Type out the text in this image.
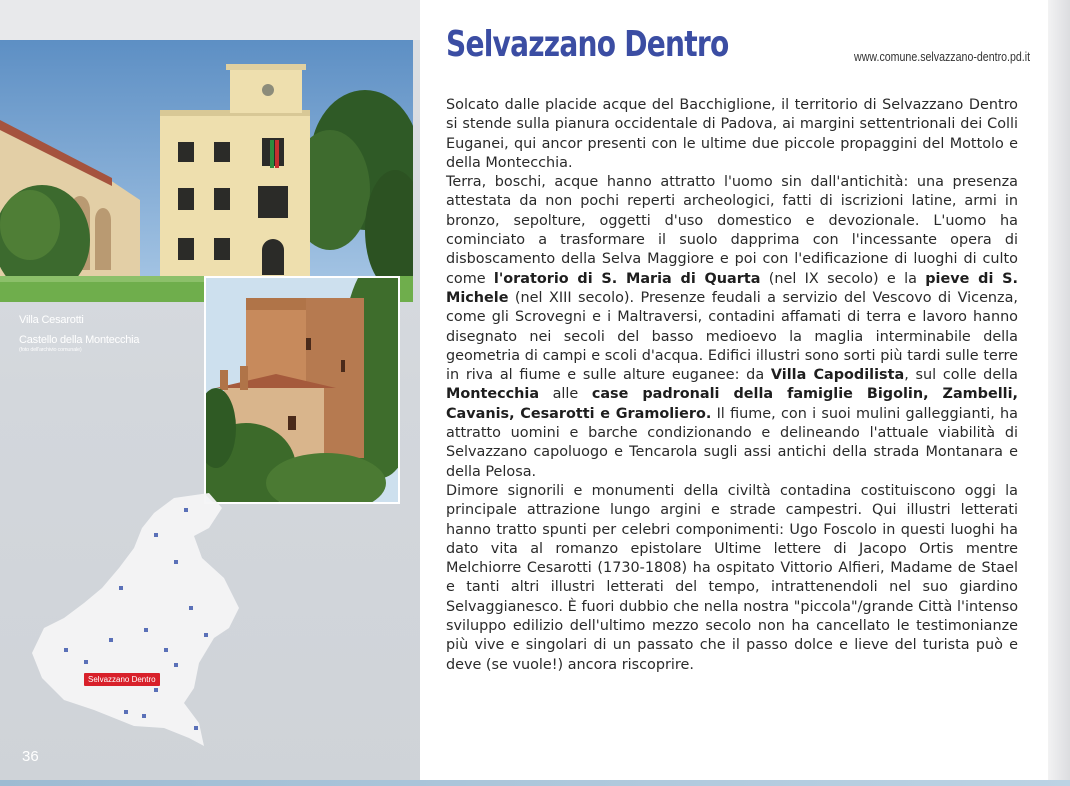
Villa Cesarotti
Castello della Montecchia
(foto dell'archivio comunale)
Selvazzano Dentro
36
Selvazzano Dentro	www.comune.selvazzano-dentro.pd.it

Solcato dalle placide acque del Bacchiglione, il territorio di Selvazzano Dentro si stende sulla pianura occidentale di Padova, ai margini settentrionali dei Colli Euganei, qui ancor presenti con le ultime due piccole propaggini del Mottolo e della Montecchia.

Terra, boschi, acque hanno attratto l'uomo sin dall'antichità: una presenza attestata da non pochi reperti archeologici, fatti di iscrizioni latine, armi in bronzo, sepolture, oggetti d'uso domestico e devozionale. L'uomo ha cominciato a trasformare il suolo dapprima con l'incessante opera di disboscamento della Selva Maggiore e poi con l'edificazione di luoghi di culto come l'oratorio di S. Maria di Quarta (nel IX secolo) e la pieve di S. Michele (nel XIII secolo). Presenze feudali a servizio del Vescovo di Vicenza, come gli Scrovegni e i Maltraversi, contadini affamati di terra e lavoro hanno disegnato nei secoli del basso medioevo la maglia interminabile della geometria di campi e scoli d'acqua. Edifici illustri sono sorti più tardi sulle terre in riva al fiume e sulle alture euganee: da Villa Capodilista, sul colle della Montecchia alle case padronali della famiglie Bigolin, Zambelli, Cavanis, Cesarotti e Gramoliero. Il fiume, con i suoi mulini galleggianti, ha attratto uomini e barche condizionando e delineando l'attuale viabilità di Selvazzano capoluogo e Tencarola sugli assi antichi della strada Montanara e della Pelosa.

Dimore signorili e monumenti della civiltà contadina costituiscono oggi la principale attrazione lungo argini e strade campestri. Qui illustri letterati hanno tratto spunti per celebri componimenti: Ugo Foscolo in questi luoghi ha dato vita al romanzo epistolare Ultime lettere di Jacopo Ortis mentre Melchiorre Cesarotti (1730-1808) ha ospitato Vittorio Alfieri, Madame de Stael e tanti altri illustri letterati del tempo, intrattenendoli nel suo giardino Selvaggianesco. È fuori dubbio che nella nostra "piccola"/grande Città l'intenso sviluppo edilizio dell'ultimo mezzo secolo non ha cancellato le testimonianze più vive e singolari di un passato che il passo dolce e lieve del turista può e deve (se vuole!) ancora riscoprire.
